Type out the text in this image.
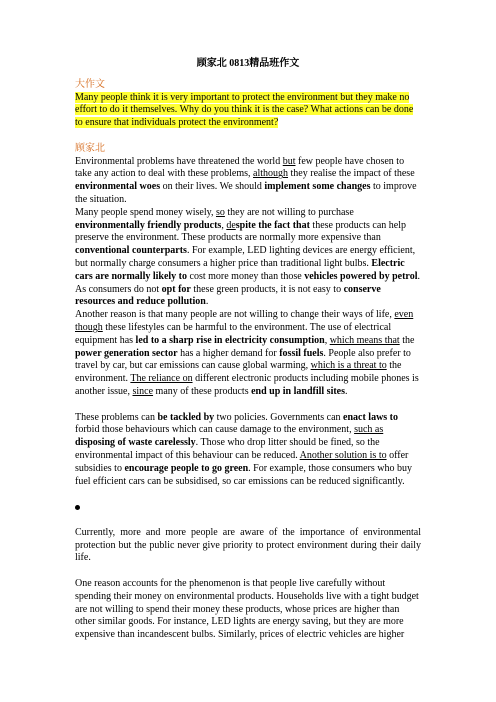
顾家北 0813精品班作文
大作文
Many people think it is very important to protect the environment but they make no effort to do it themselves. Why do you think it is the case? What actions can be done to ensure that individuals protect the environment?
顾家北
Environmental problems have threatened the world but few people have chosen to take any action to deal with these problems, although they realise the impact of these environmental woes on their lives. We should implement some changes to improve the situation.
Many people spend money wisely, so they are not willing to purchase environmentally friendly products, despite the fact that these products can help preserve the environment. These products are normally more expensive than conventional counterparts. For example, LED lighting devices are energy efficient, but normally charge consumers a higher price than traditional light bulbs. Electric cars are normally likely to cost more money than those vehicles powered by petrol. As consumers do not opt for these green products, it is not easy to conserve resources and reduce pollution.
Another reason is that many people are not willing to change their ways of life, even though these lifestyles can be harmful to the environment. The use of electrical equipment has led to a sharp rise in electricity consumption, which means that the power generation sector has a higher demand for fossil fuels. People also prefer to travel by car, but car emissions can cause global warming, which is a threat to the environment. The reliance on different electronic products including mobile phones is another issue, since many of these products end up in landfill sites.
These problems can be tackled by two policies. Governments can enact laws to forbid those behaviours which can cause damage to the environment, such as disposing of waste carelessly. Those who drop litter should be fined, so the environmental impact of this behaviour can be reduced. Another solution is to offer subsidies to encourage people to go green. For example, those consumers who buy fuel efficient cars can be subsidised, so car emissions can be reduced significantly.
Currently, more and more people are aware of the importance of environmental protection but the public never give priority to protect environment during their daily life.
One reason accounts for the phenomenon is that people live carefully without spending their money on environmental products. Households live with a tight budget are not willing to spend their money these products, whose prices are higher than other similar goods. For instance, LED lights are energy saving, but they are more expensive than incandescent bulbs. Similarly, prices of electric vehicles are higher
